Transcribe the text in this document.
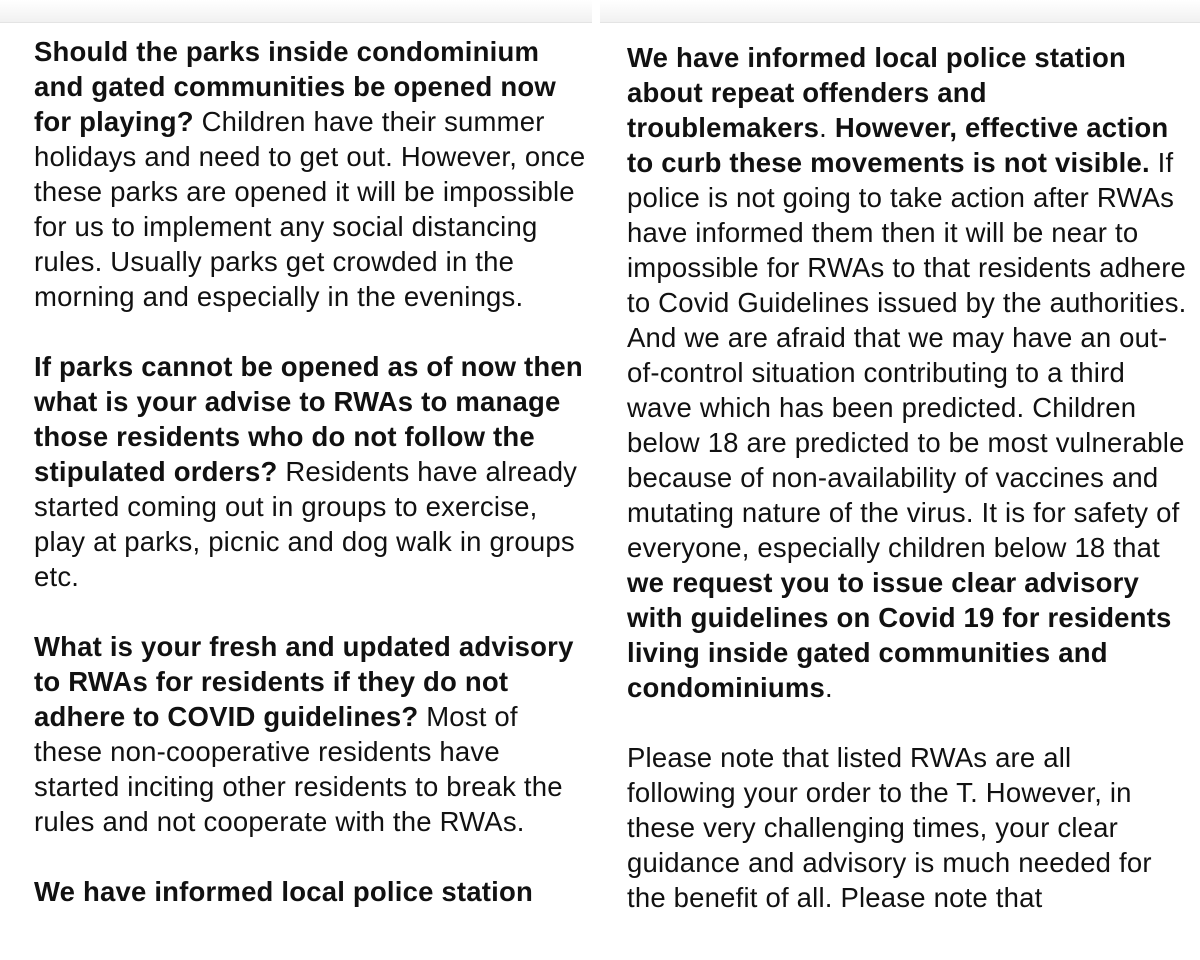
Should the parks inside condominium and gated communities be opened now for playing? Children have their summer holidays and need to get out. However, once these parks are opened it will be impossible for us to implement any social distancing rules. Usually parks get crowded in the morning and especially in the evenings.

If parks cannot be opened as of now then what is your advise to RWAs to manage those residents who do not follow the stipulated orders? Residents have already started coming out in groups to exercise, play at parks, picnic and dog walk in groups etc.

What is your fresh and updated advisory to RWAs for residents if they do not adhere to COVID guidelines? Most of these non-cooperative residents have started inciting other residents to break the rules and not cooperate with the RWAs.

We have informed local police station

We have informed local police station about repeat offenders and troublemakers. However, effective action to curb these movements is not visible. If police is not going to take action after RWAs have informed them then it will be near to impossible for RWAs to that residents adhere to Covid Guidelines issued by the authorities. And we are afraid that we may have an out-of-control situation contributing to a third wave which has been predicted. Children below 18 are predicted to be most vulnerable because of non-availability of vaccines and mutating nature of the virus. It is for safety of everyone, especially children below 18 that we request you to issue clear advisory with guidelines on Covid 19 for residents living inside gated communities and condominiums.

Please note that listed RWAs are all following your order to the T. However, in these very challenging times, your clear guidance and advisory is much needed for the benefit of all. Please note that
